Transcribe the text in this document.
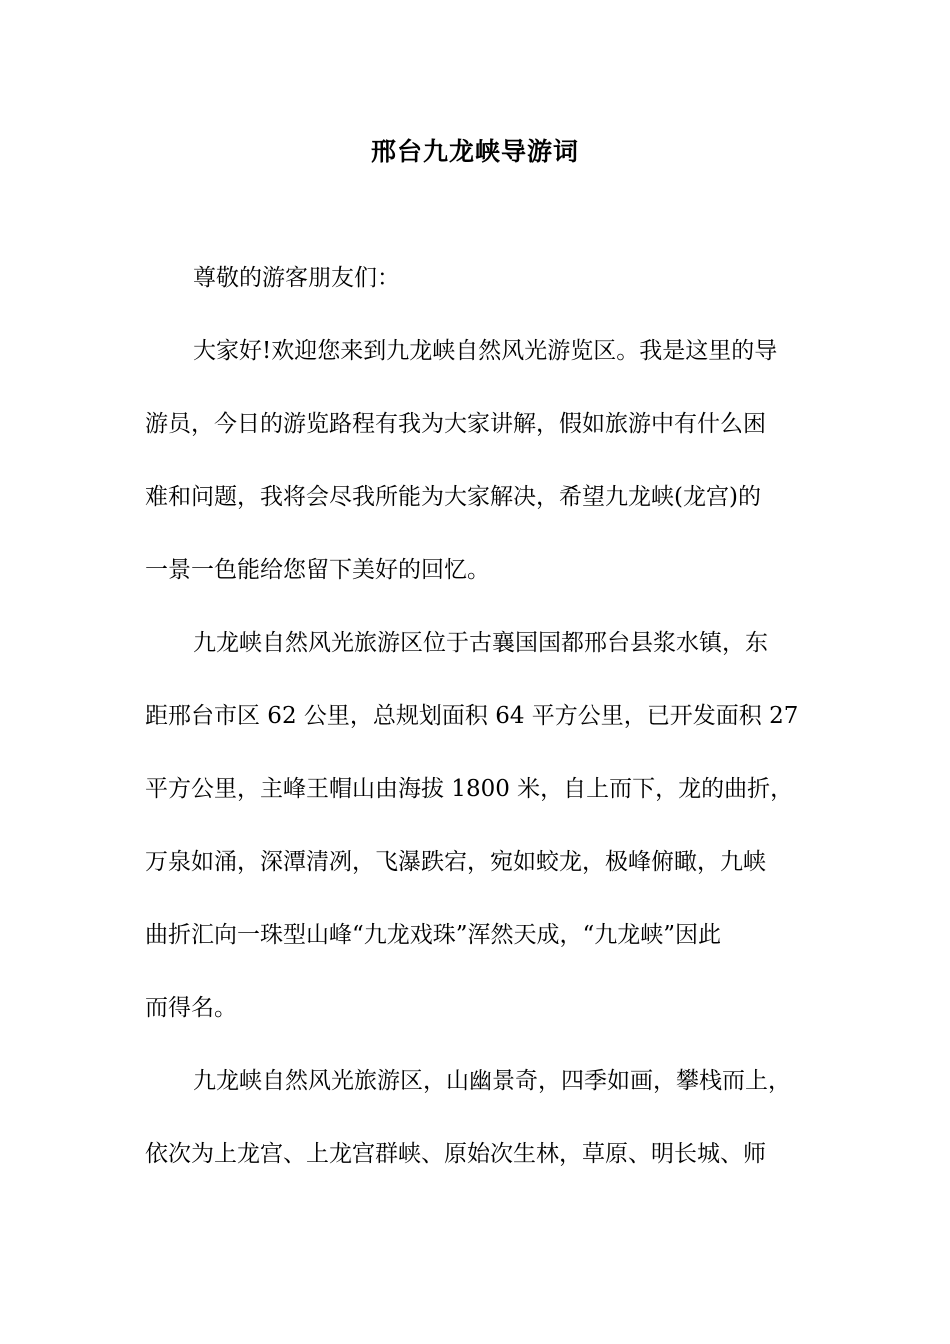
邢台九龙峡导游词
尊敬的游客朋友们：
大家好!欢迎您来到九龙峡自然风光游览区。我是这里的导
游员，今日的游览路程有我为大家讲解，假如旅游中有什么困
难和问题，我将会尽我所能为大家解决，希望九龙峡(龙宫)的
一景一色能给您留下美好的回忆。
九龙峡自然风光旅游区位于古襄国国都邢台县浆水镇，东
距邢台市区 62 公里，总规划面积 64 平方公里，已开发面积 27
平方公里，主峰王帽山由海拔 1800 米，自上而下，龙的曲折，
万泉如涌，深潭清冽，飞瀑跌宕，宛如蛟龙，极峰俯瞰，九峡
曲折汇向一珠型山峰“九龙戏珠”浑然天成，“九龙峡”因此
而得名。
九龙峡自然风光旅游区，山幽景奇，四季如画，攀栈而上，
依次为上龙宫、上龙宫群峡、原始次生林，草原、明长城、师
